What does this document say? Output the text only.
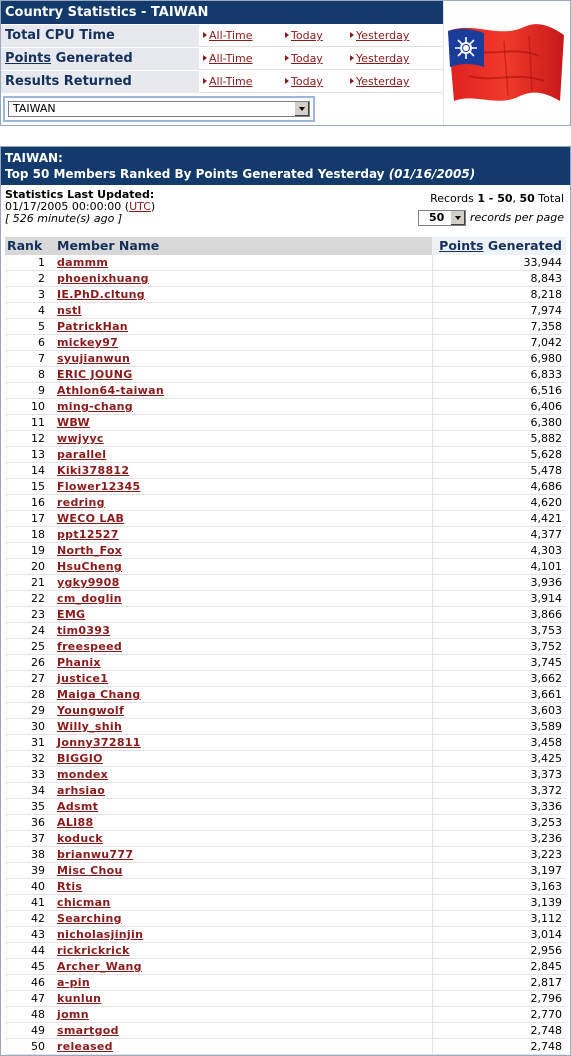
Country Statistics - TAIWAN
Total CPU Time	All-Time	Today	Yesterday
Points Generated	All-Time	Today	Yesterday
Results Returned	All-Time	Today	Yesterday
TAIWAN
TAIWAN:
Top 50 Members Ranked By Points Generated Yesterday (01/16/2005)
Statistics Last Updated:
01/17/2005 00:00:00 (UTC)
[ 526 minute(s) ago ]
Records 1 - 50, 50 Total
50 records per page
Rank Member Name	Points Generated
1 dammm	33,944
2 phoenixhuang	8,843
3 IE.PhD.cltung	8,218
4 nstl	7,974
5 PatrickHan	7,358
6 mickey97	7,042
7 syujianwun	6,980
8 ERIC JOUNG	6,833
9 Athlon64-taiwan	6,516
10 ming-chang	6,406
11 WBW	6,380
12 wwjyyc	5,882
13 parallel	5,628
14 Kiki378812	5,478
15 Flower12345	4,686
16 redring	4,620
17 WECO LAB	4,421
18 ppt12527	4,377
19 North_Fox	4,303
20 HsuCheng	4,101
21 ygky9908	3,936
22 cm_doglin	3,914
23 EMG	3,866
24 tim0393	3,753
25 freespeed	3,752
26 Phanix	3,745
27 justice1	3,662
28 Maiga Chang	3,661
29 Youngwolf	3,603
30 Willy_shih	3,589
31 Jonny372811	3,458
32 BIGGIO	3,425
33 mondex	3,373
34 arhsiao	3,372
35 Adsmt	3,336
36 ALI88	3,253
37 koduck	3,236
38 brianwu777	3,223
39 Misc Chou	3,197
40 Rtis	3,163
41 chicman	3,139
42 Searching	3,112
43 nicholasjinjin	3,014
44 rickrickrick	2,956
45 Archer_Wang	2,845
46 a-pin	2,817
47 kunlun	2,796
48 jomn	2,770
49 smartgod	2,748
50 released	2,748
